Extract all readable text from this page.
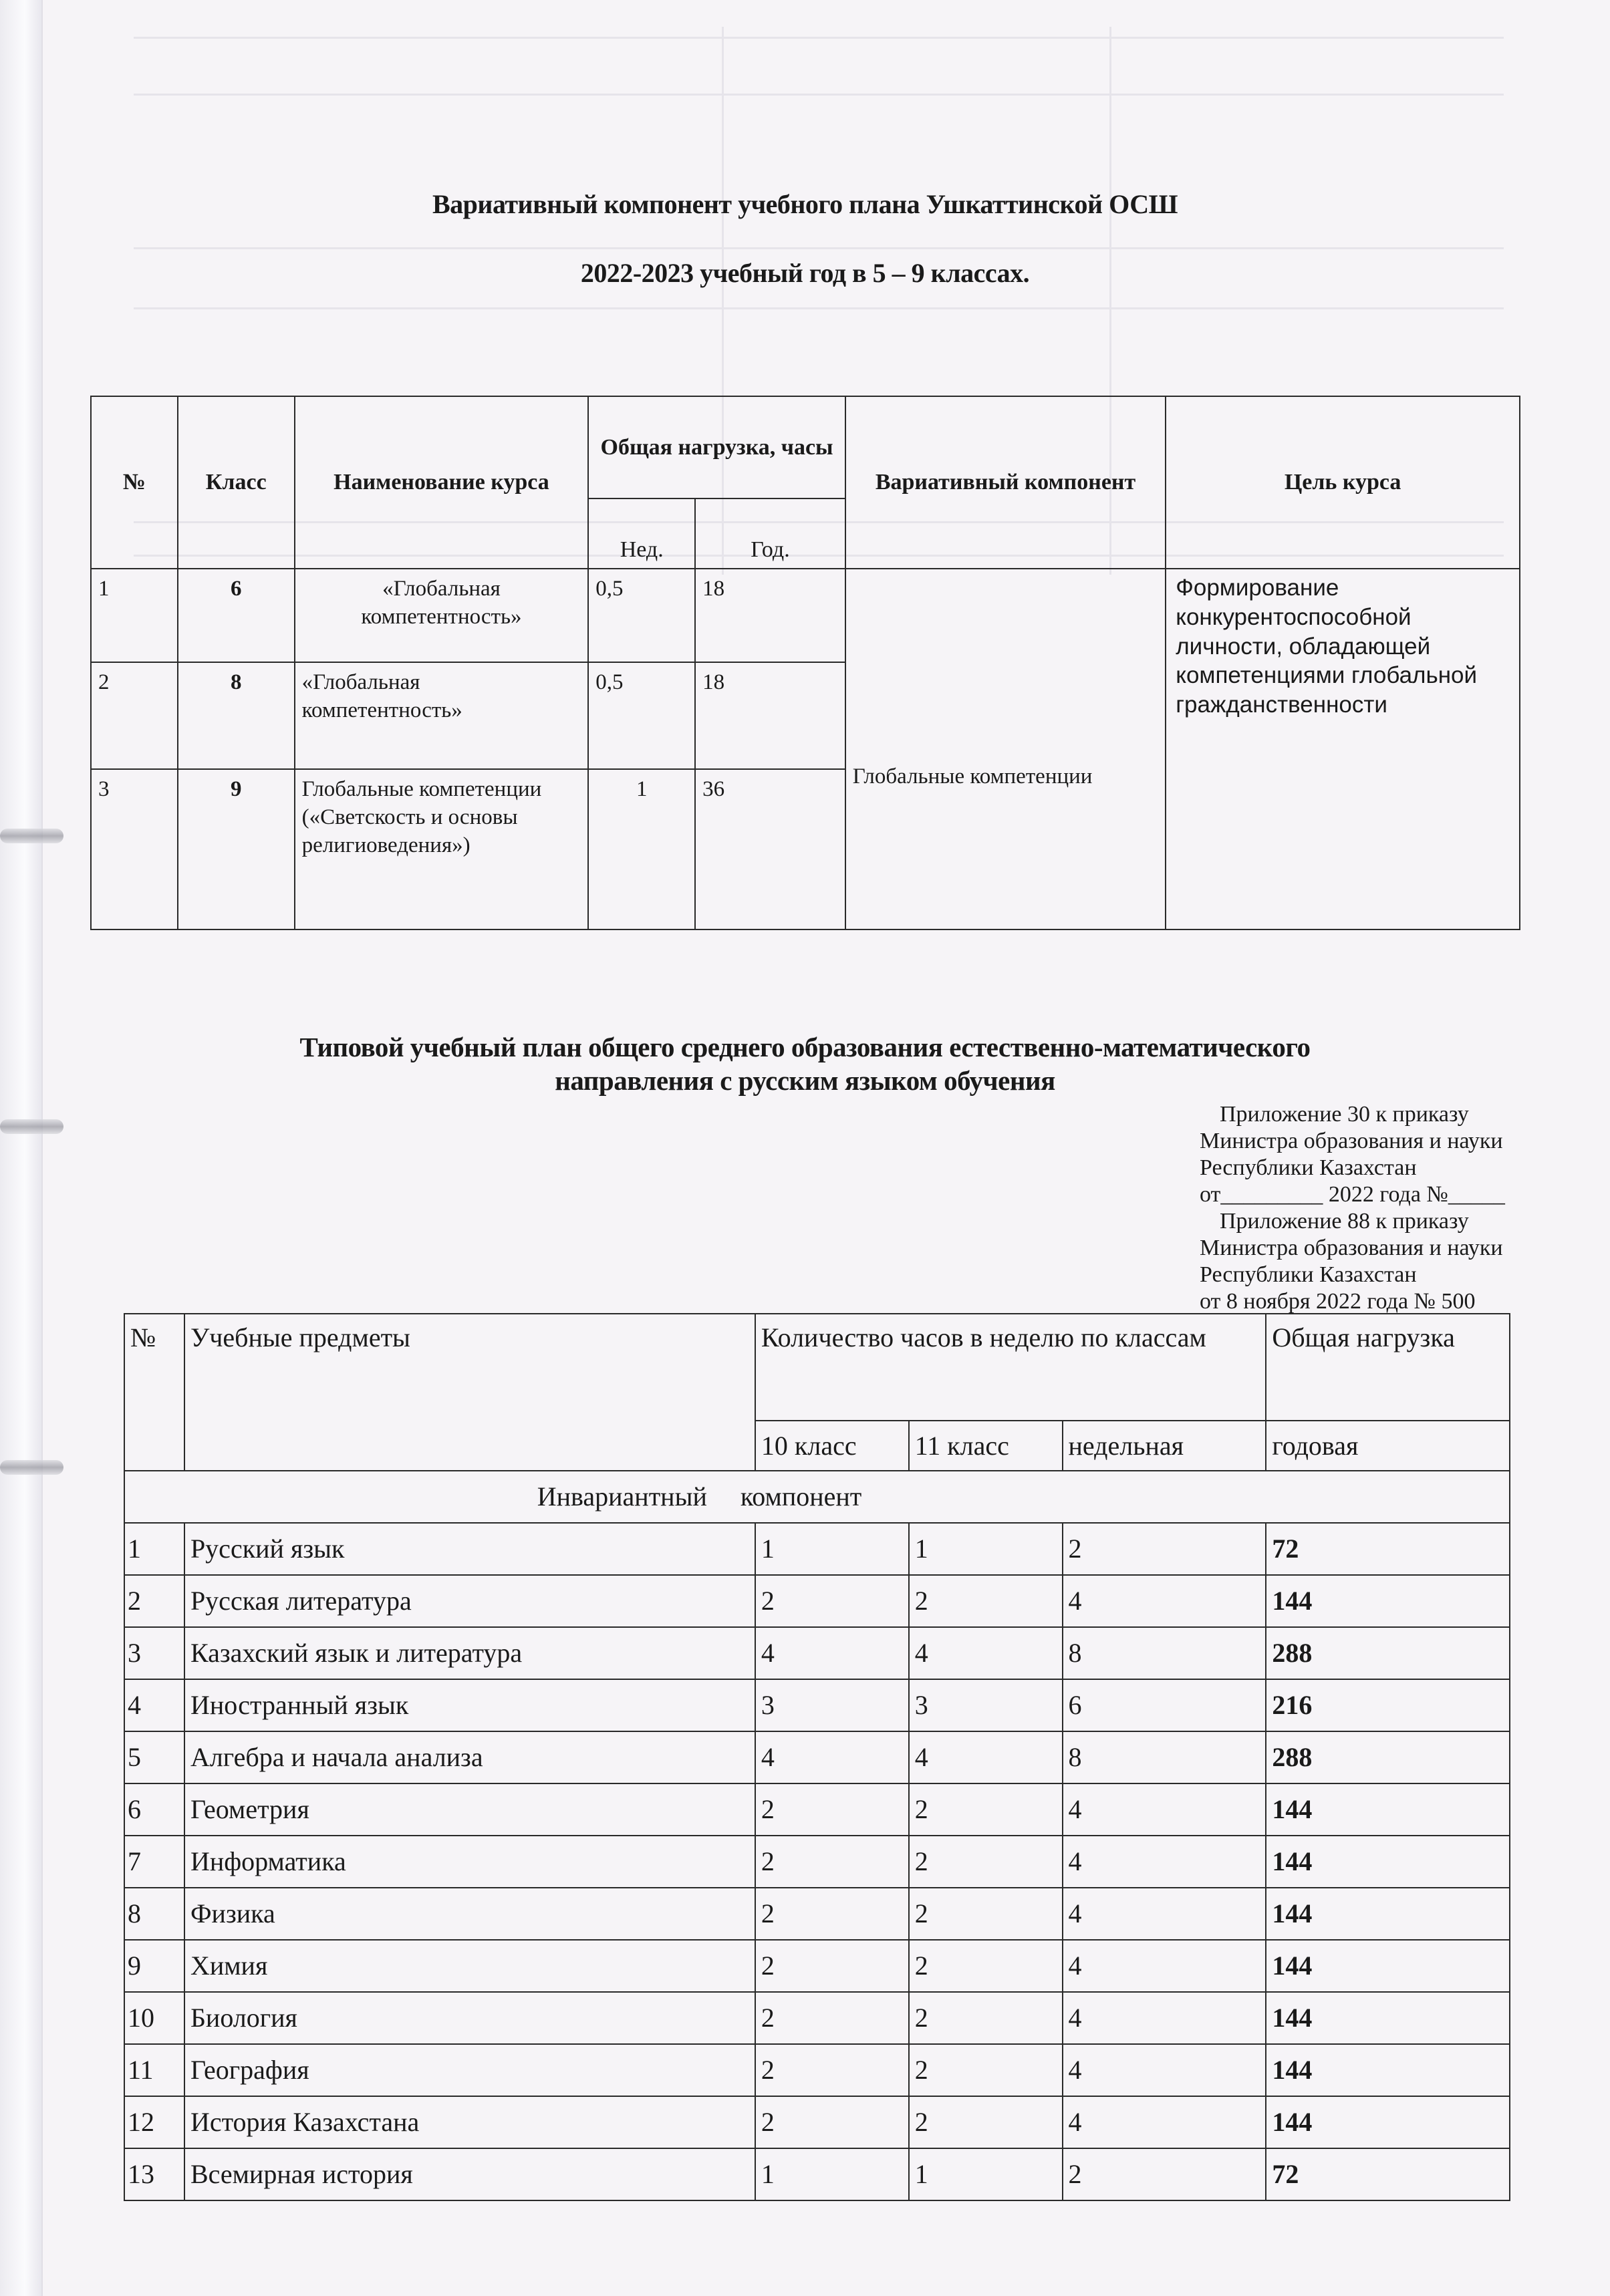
Вариативный компонент учебного плана Ушкаттинской ОСШ
2022-2023 учебный год в 5 – 9 классах.
№	Класс	Наименование курса	Общая нагрузка, часы		Вариативный компонент	Цель курса
			Нед.	Год.		
1	6	«Глобальная компетентность»	0,5	18	Глобальные компетенции	Формирование конкурентоспособной личности, обладающей компетенциями глобальной гражданственности
2	8	«Глобальная компетентность»	0,5	18		
3	9	Глобальные компетенции («Светскость и основы религиоведения»)	1	36		
Типовой учебный план общего среднего образования естественно-математического
направления с русским языком обучения
Приложение 30 к приказу
Министра образования и науки
Республики Казахстан
от_________ 2022 года №_____
Приложение 88 к приказу
Министра образования и науки
Республики Казахстан
от 8 ноября 2022 года № 500
№	Учебные предметы	Количество часов в неделю по классам			Общая нагрузка
		10 класс	11 класс	недельная	годовая
Инвариантный компонент					
1	Русский язык	1	1	2	72
2	Русская литература	2	2	4	144
3	Казахский язык и литература	4	4	8	288
4	Иностранный язык	3	3	6	216
5	Алгебра и начала анализа	4	4	8	288
6	Геометрия	2	2	4	144
7	Информатика	2	2	4	144
8	Физика	2	2	4	144
9	Химия	2	2	4	144
10	Биология	2	2	4	144
11	География	2	2	4	144
12	История Казахстана	2	2	4	144
13	Всемирная история	1	1	2	72
